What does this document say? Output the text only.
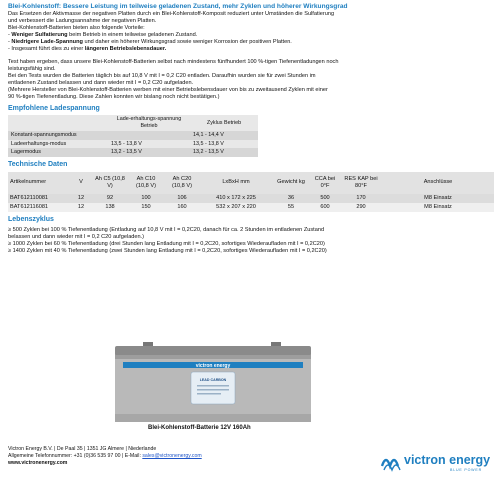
Blei-Kohlenstoff: Bessere Leistung im teilweise geladenen Zustand, mehr Zyklen und höherer Wirkungsgrad

Das Ersetzen der Aktivmasse der negativen Platten durch ein Blei-Kohlenstoff-Komposit reduziert unter Umständen die Sulfatierung

und verbessert die Ladungsannahme der negativen Platten.

Blei-Kohlenstoff-Batterien bieten also folgende Vorteile:

- Weniger Sulfatierung beim Betrieb in einem teilweise geladenen Zustand.
- Niedrigere Lade-Spannung und daher ein höherer Wirkungsgrad sowie weniger Korrosion der positiven Platten.
- Insgesamt führt dies zu einer längeren Betriebslebensdauer.

Test haben ergeben, dass unsere Blei-Kohlenstoff-Batterien selbst nach mindestens fünfhundert 100 %-tigen Tiefenentladungen noch

leistungsfähig sind.

Bei den Tests wurden die Batterien täglich bis auf 10,8 V mit I = 0,2 C20 entladen. Daraufhin wurden sie für zwei Stunden im

entladenen Zustand belassen und dann wieder mit I = 0,2 C20 aufgeladen.

(Mehrere Hersteller von Blei-Kohlenstoff-Batterien werben mit einer Betriebslebensdauer von bis zu zweitausend Zyklen mit einer

90 %-tigen Tiefenentladung. Diese Zahlen konnten wir bislang noch nicht bestätigen.)

Empfohlene Ladespannung
	Lade-erhaltungs-spannung Betrieb	Zyklus Betrieb
Konstant-spannungsmodus		14,1 - 14,4 V
Ladeerhaltungs-modus	13,5 - 13,8 V	13,5 - 13,8 V
Lagermodus	13,2 - 13,5 V	13,2 - 13,5 V
Technische Daten
Artikelnummer	V	Ah C5 (10,8 V)	Ah C10 (10,8 V)	Ah C20 (10,8 V)	LxBxH mm	Gewicht kg	CCA bei 0°F	RES KAP bei 80°F	Anschlüsse
BAT612110081	12	92	100	106	410 x 172 x 225	36	500	170	M8 Einsatz
BAT612116081	12	138	150	160	532 x 207 x 220	55	600	290	M8 Einsatz
Lebenszyklus

≥ 500 Zyklen bei 100 % Tiefenentladung (Entladung auf 10,8 V mit I = 0,2C20, danach für ca. 2 Stunden im entladenen Zustand

belassen und dann wieder mit I = 0,2 C20 aufgeladen.)

≥ 1000 Zyklen bei 60 % Tiefenentladung (drei Stunden lang Entladung mit I = 0,2C20, sofortiges Wiederaufladen mit I = 0,2C20)

≥ 1400 Zyklen mit 40 % Tiefenentladung (zwei Stunden lang Entladung mit I = 0,2C20, sofortiges Wiederaufladen mit I = 0,2C20)

victron energy
LEAD CARBON
Blei-Kohlenstoff-Batterie 12V 160Ah
Victron Energy B.V. | De Paal 35 | 1351 JG Almere | Niederlande
Allgemeine Telefonnummer: +31 (0)36 535 97 00 | E-Mail: sales@victronenergy.com
www.victronenergy.com	victron energy
BLUE POWER
